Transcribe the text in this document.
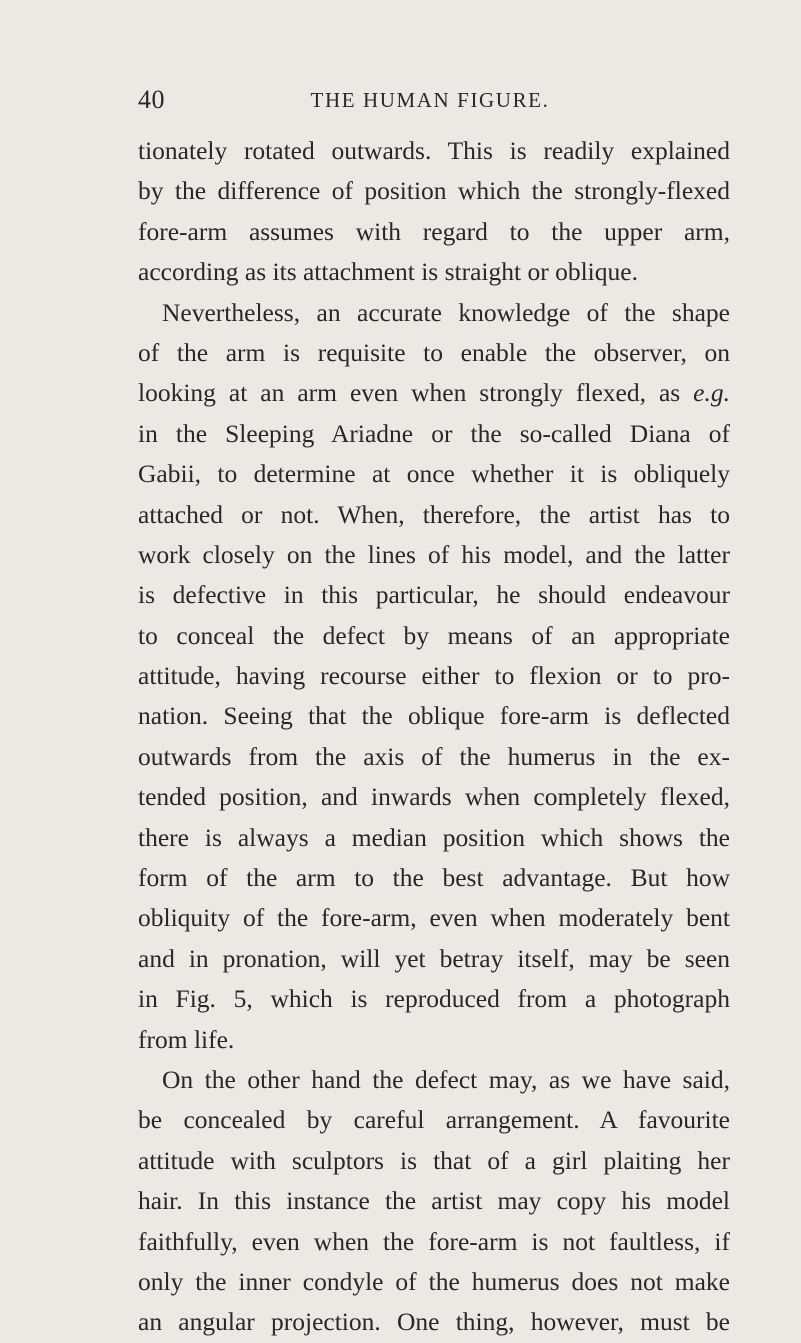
40	THE HUMAN FIGURE.
tionately rotated outwards. This is readily explained
by the difference of position which the strongly-flexed
fore-arm assumes with regard to the upper arm,
according as its attachment is straight or oblique.
Nevertheless, an accurate knowledge of the shape
of the arm is requisite to enable the observer, on
looking at an arm even when strongly flexed, as e.g.
in the Sleeping Ariadne or the so-called Diana of
Gabii, to determine at once whether it is obliquely
attached or not. When, therefore, the artist has to
work closely on the lines of his model, and the latter
is defective in this particular, he should endeavour
to conceal the defect by means of an appropriate
attitude, having recourse either to flexion or to pro-
nation. Seeing that the oblique fore-arm is deflected
outwards from the axis of the humerus in the ex-
tended position, and inwards when completely flexed,
there is always a median position which shows the
form of the arm to the best advantage. But how
obliquity of the fore-arm, even when moderately bent
and in pronation, will yet betray itself, may be seen
in Fig. 5, which is reproduced from a photograph
from life.
On the other hand the defect may, as we have said,
be concealed by careful arrangement. A favourite
attitude with sculptors is that of a girl plaiting her
hair. In this instance the artist may copy his model
faithfully, even when the fore-arm is not faultless, if
only the inner condyle of the humerus does not make
an angular projection. One thing, however, must be
